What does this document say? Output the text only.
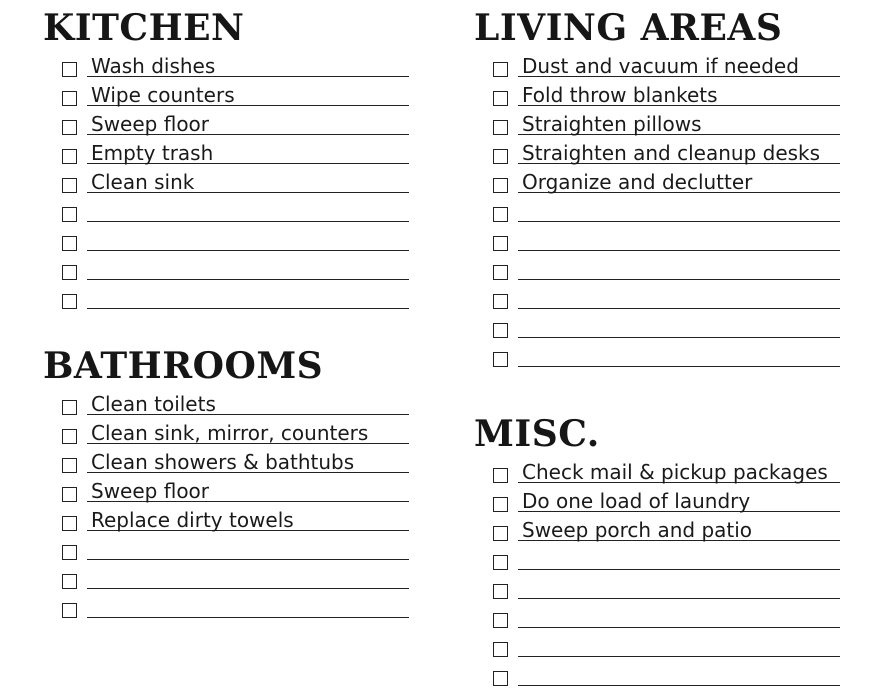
KITCHEN
Wash dishes
Wipe counters
Sweep floor
Empty trash
Clean sink
BATHROOMS
Clean toilets
Clean sink, mirror, counters
Clean showers & bathtubs
Sweep floor
Replace dirty towels
LIVING AREAS
Dust and vacuum if needed
Fold throw blankets
Straighten pillows
Straighten and cleanup desks
Organize and declutter
MISC.
Check mail & pickup packages
Do one load of laundry
Sweep porch and patio
